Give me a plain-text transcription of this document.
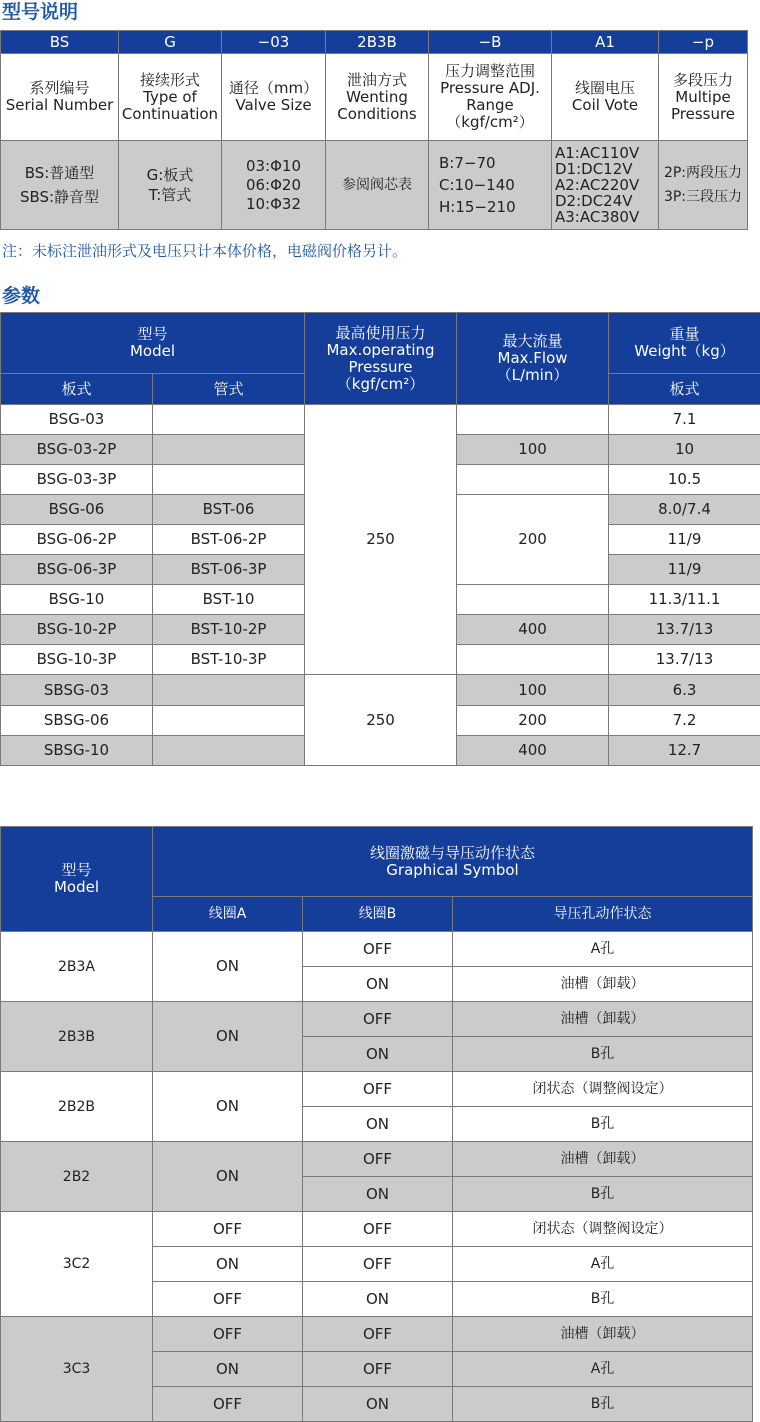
型号说明
BS	G	−03	2B3B	−B	A1	−p

系列编号
Serial Number	接续形式
Type of
Continuation	通径（mm）
Valve Size	泄油方式
Wenting
Conditions	压力调整范围
Pressure ADJ.
Range
（kgf/cm²）	线圈电压
Coil Vote	多段压力
Multipe
Pressure

BS:普通型
SBS:静音型	G:板式
T:管式	03:Φ10
06:Φ20
10:Φ32	参阅阀芯表	B:7−70
C:10−140
H:15−210	A1:AC110V
D1:DC12V
A2:AC220V
D2:DC24V
A3:AC380V	2P:两段压力
3P:三段压力

注：未标注泄油形式及电压只计本体价格，电磁阀价格另计。

参数
型号
Model		最高使用压力
Max.operating
Pressure
（kgf/cm²）	最大流量
Max.Flow
（L/min）	重量
Weight（kg）

板式	管式			板式
BSG-03		250		7.1
BSG-03-2P			100	10
BSG-03-3P				10.5
BSG-06	BST-06		200	8.0/7.4
BSG-06-2P	BST-06-2P			11/9
BSG-06-3P	BST-06-3P			11/9
BSG-10	BST-10			11.3/11.1
BSG-10-2P	BST-10-2P		400	13.7/13
BSG-10-3P	BST-10-3P			13.7/13
SBSG-03		250	100	6.3
SBSG-06			200	7.2
SBSG-10			400	12.7
型号
Model	线圈激磁与导压动作状态
Graphical Symbol		

	线圈A	线圈B	导压孔动作状态
2B3A	ON	OFF	A孔
		ON	油槽（卸载）
2B3B	ON	OFF	油槽（卸载）
		ON	B孔
2B2B	ON	OFF	闭状态（调整阀设定）
		ON	B孔
2B2	ON	OFF	油槽（卸载）
		ON	B孔
3C2	OFF	OFF	闭状态（调整阀设定）
	ON	OFF	A孔
	OFF	ON	B孔
3C3	OFF	OFF	油槽（卸载）
	ON	OFF	A孔
	OFF	ON	B孔
